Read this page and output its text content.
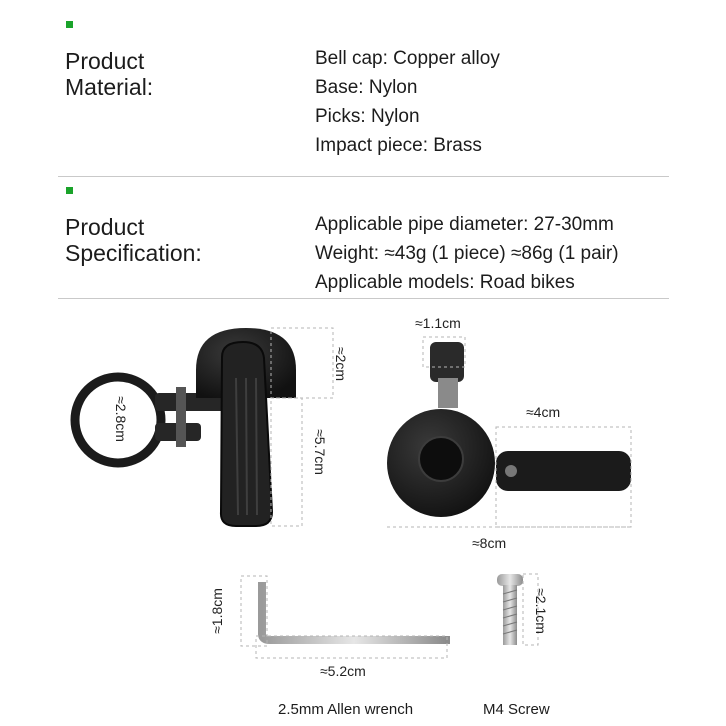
Product
Material:
Bell cap: Copper alloy
Base: Nylon
Picks: Nylon
Impact piece: Brass
Product
Specification:
Applicable pipe diameter: 27-30mm
Weight: ≈43g (1 piece) ≈86g (1 pair)
Applicable models: Road bikes
≈2.8cm
≈2cm
≈5.7cm
≈1.1cm
≈4cm
≈8cm
≈1.8cm
≈5.2cm
≈2.1cm
2.5mm Allen wrench	M4 Screw
